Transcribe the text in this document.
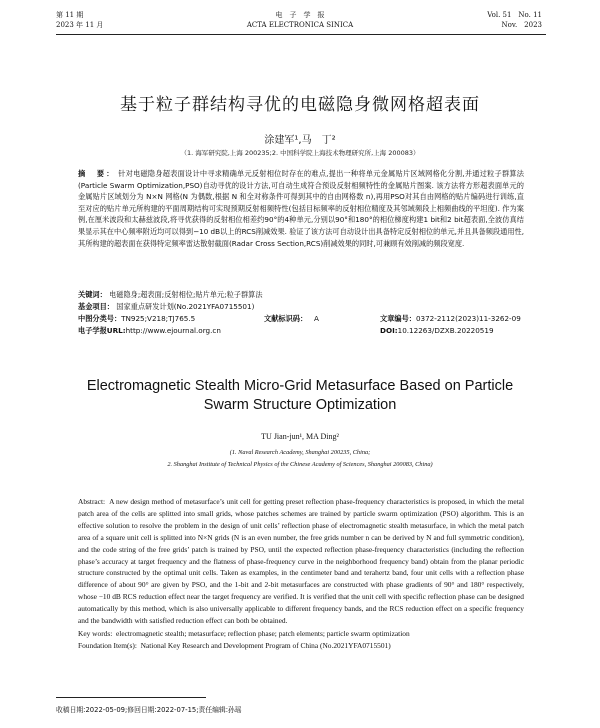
第 11 期
2023 年 11 月
电　子　学　报
ACTA ELECTRONICA SINICA
Vol. 51　No. 11
Nov.　2023
基于粒子群结构寻优的电磁隐身微网格超表面
涂建军¹,马　丁²
（1. 海军研究院,上海 200235;2. 中国科学院上海技术物理研究所,上海 200083）
摘　要： 针对电磁隐身超表面设计中寻求精确单元反射相位时存在的难点,提出一种将单元金属贴片区域网格化分割,并通过粒子群算法(Particle Swarm Optimization,PSO)自动寻优的设计方法,可自动生成符合预设反射相频特性的金属贴片图案. 该方法将方形超表面单元的金属贴片区域划分为 N×N 网格(N 为偶数,根据 N 和全对称条件可得到其中的自由网格数 n),再用PSO对其自由网格的贴片编码进行训练,直至对应的贴片单元所构建的平面周期结构可实现预期反射相频特性(包括目标频率的反射相位精度及其邻域频段上相频曲线的平坦度). 作为案例,在厘米波段和太赫兹波段,将寻优获得的反射相位相差约90°的4种单元,分别以90°和180°的相位梯度构建1 bit和2 bit超表面,全波仿真结果显示其在中心频率附近均可以得到−10 dB以上的RCS削减效果. 验证了该方法可自动设计出具备特定反射相位的单元,并且具备频段通用性,其所构建的超表面在获得特定频率雷达散射截面(Radar Cross Section,RCS)削减效果的同时,可兼顾有效削减的频段宽度.
关键词： 电磁隐身;超表面;反射相位;贴片单元;粒子群算法
基金项目： 国家重点研发计划(No.2021YFA0715501)
中图分类号：TN925;V218;TJ765.5	文献标识码： A	文章编号：0372-2112(2023)11-3262-09
电子学报URL:http://www.ejournal.org.cn	DOI:10.12263/DZXB.20220519
Electromagnetic Stealth Micro-Grid Metasurface Based on Particle
Swarm Structure Optimization
TU Jian-jun¹, MA Ding²
(1. Naval Research Academy, Shanghai 200235, China;
2. Shanghai Institute of Technical Physics of the Chinese Academy of Sciences, Shanghai 200083, China)
Abstract: A new design method of metasurface’s unit cell for getting preset reflection phase-frequency characteristics is proposed, in which the metal patch area of the cells are splitted into small grids, whose patches schemes are trained by particle swarm optimization (PSO) algorithm. This is an effective solution to resolve the problem in the design of unit cells’ reflection phase of electromagnetic stealth metasurface, in which the metal patch area of a square unit cell is splitted into N×N grids (N is an even number, the free grids number n can be derived by N and full symmetric condition), and the code string of the free grids’ patch is trained by PSO, until the expected reflection phase-frequency characteristics (including the reflection phase’s accuracy at target frequency and the flatness of phase-frequency curve in the neighborhood frequency band) obtain from the planar periodic structure constructed by the optimal unit cells. Taken as examples, in the centimeter band and terahertz band, four unit cells with a reflection phase difference of about 90° are given by PSO, and the 1-bit and 2-bit metasurfaces are constructed with phase gradients of 90° and 180° respectively, whose −10 dB RCS reduction effect near the target frequency are verified. It is verified that the unit cell with specific reflection phase can be designed automatically by this method, which is also universally applicable to different frequency bands, and the RCS reduction effect on a specific frequency and the bandwidth with satisfied reduction effect can both be obtained.
Key words: electromagnetic stealth; metasurface; reflection phase; patch elements; particle swarm optimization
Foundation Item(s): National Key Research and Development Program of China (No.2021YFA0715501)
收稿日期:2022-05-09;修回日期:2022-07-15;责任编辑:孙瑶
